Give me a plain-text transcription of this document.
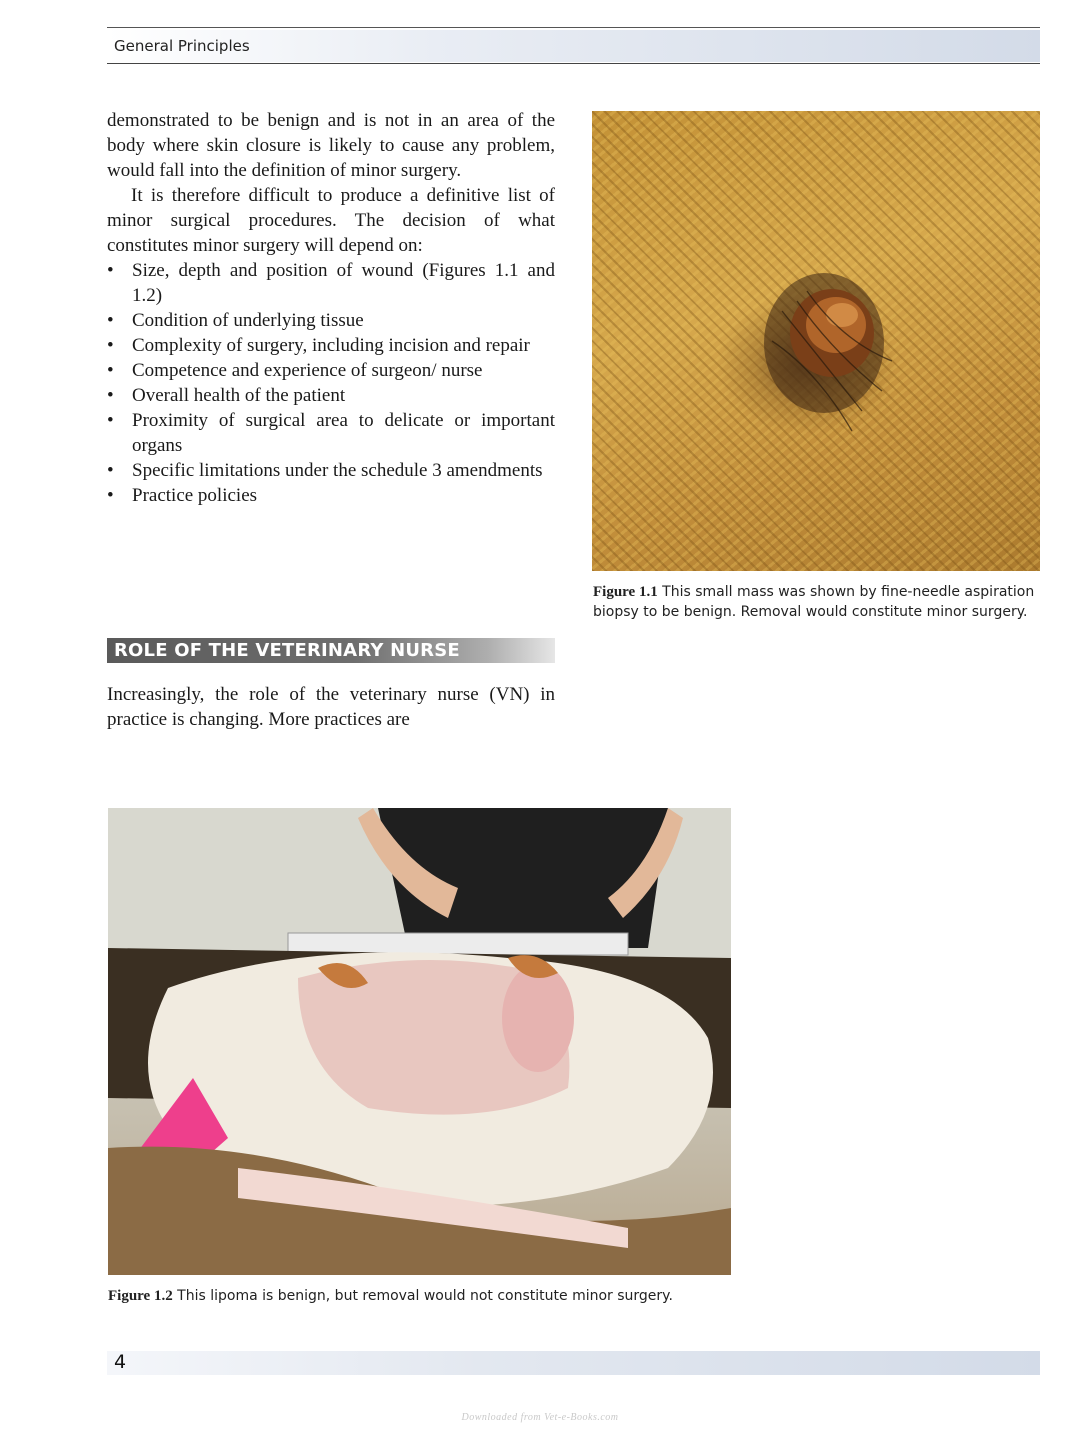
General Principles

demonstrated to be benign and is not in an area of the body where skin closure is likely to cause any problem, would fall into the definition of minor surgery.

It is therefore difficult to produce a definitive list of minor surgical procedures. The decision of what constitutes minor surgery will depend on:

• Size, depth and position of wound (Figures 1.1 and 1.2)
• Condition of underlying tissue
• Complexity of surgery, including incision and repair
• Competence and experience of surgeon/ nurse
• Overall health of the patient
• Proximity of surgical area to delicate or important organs
• Specific limitations under the schedule 3 amendments
• Practice policies
ROLE OF THE VETERINARY NURSE

Increasingly, the role of the veterinary nurse (VN) in practice is changing. More practices are

Figure 1.1 This small mass was shown by fine-needle aspiration biopsy to be benign. Removal would constitute minor surgery.
Figure 1.2 This lipoma is benign, but removal would not constitute minor surgery.
4
Downloaded from Vet-e-Books.com
